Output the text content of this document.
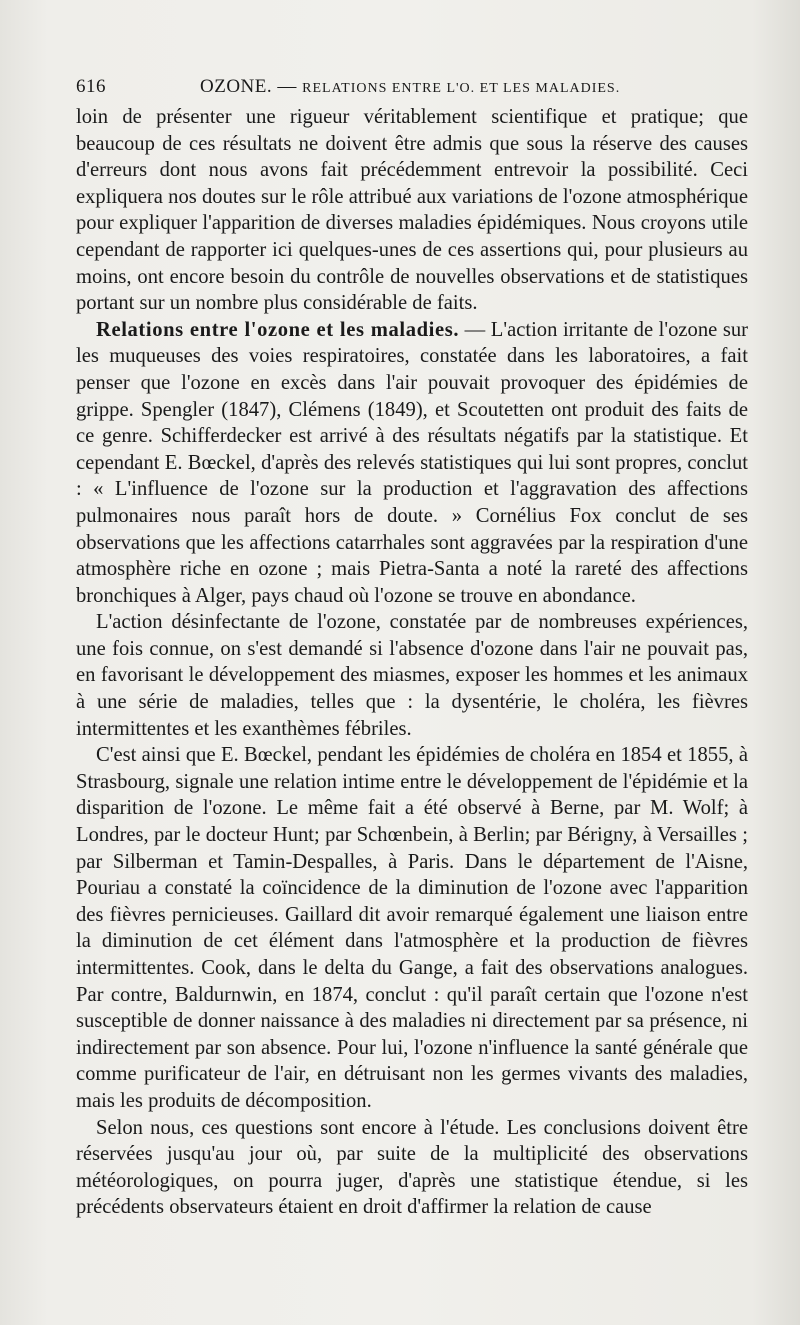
616	OZONE. — RELATIONS ENTRE L'O. ET LES MALADIES.

loin de présenter une rigueur véritablement scientifique et pratique; que beaucoup de ces résultats ne doivent être admis que sous la réserve des causes d'erreurs dont nous avons fait précédemment entrevoir la possibilité. Ceci expliquera nos doutes sur le rôle attribué aux variations de l'ozone atmosphérique pour expliquer l'apparition de diverses maladies épidémiques. Nous croyons utile cependant de rapporter ici quelques-unes de ces assertions qui, pour plusieurs au moins, ont encore besoin du contrôle de nouvelles observations et de statistiques portant sur un nombre plus considérable de faits.

Relations entre l'ozone et les maladies. — L'action irritante de l'ozone sur les muqueuses des voies respiratoires, constatée dans les laboratoires, a fait penser que l'ozone en excès dans l'air pouvait provoquer des épidémies de grippe. Spengler (1847), Clémens (1849), et Scoutetten ont produit des faits de ce genre. Schifferdecker est arrivé à des résultats négatifs par la statistique. Et cependant E. Bœckel, d'après des relevés statistiques qui lui sont propres, conclut : « L'influence de l'ozone sur la production et l'aggravation des affections pulmonaires nous paraît hors de doute. » Cornélius Fox conclut de ses observations que les affections catarrhales sont aggravées par la respiration d'une atmosphère riche en ozone ; mais Pietra-Santa a noté la rareté des affections bronchiques à Alger, pays chaud où l'ozone se trouve en abondance.

L'action désinfectante de l'ozone, constatée par de nombreuses expériences, une fois connue, on s'est demandé si l'absence d'ozone dans l'air ne pouvait pas, en favorisant le développement des miasmes, exposer les hommes et les animaux à une série de maladies, telles que : la dysentérie, le choléra, les fièvres intermittentes et les exanthèmes fébriles.

C'est ainsi que E. Bœckel, pendant les épidémies de choléra en 1854 et 1855, à Strasbourg, signale une relation intime entre le développement de l'épidémie et la disparition de l'ozone. Le même fait a été observé à Berne, par M. Wolf; à Londres, par le docteur Hunt; par Schœnbein, à Berlin; par Bérigny, à Versailles ; par Silberman et Tamin-Despalles, à Paris. Dans le département de l'Aisne, Pouriau a constaté la coïncidence de la diminution de l'ozone avec l'apparition des fièvres pernicieuses. Gaillard dit avoir remarqué également une liaison entre la diminution de cet élément dans l'atmosphère et la production de fièvres intermittentes. Cook, dans le delta du Gange, a fait des observations analogues. Par contre, Baldurnwin, en 1874, conclut : qu'il paraît certain que l'ozone n'est susceptible de donner naissance à des maladies ni directement par sa présence, ni indirectement par son absence. Pour lui, l'ozone n'influence la santé générale que comme purificateur de l'air, en détruisant non les germes vivants des maladies, mais les produits de décomposition.

Selon nous, ces questions sont encore à l'étude. Les conclusions doivent être réservées jusqu'au jour où, par suite de la multiplicité des observations météorologiques, on pourra juger, d'après une statistique étendue, si les précédents observateurs étaient en droit d'affirmer la relation de cause
